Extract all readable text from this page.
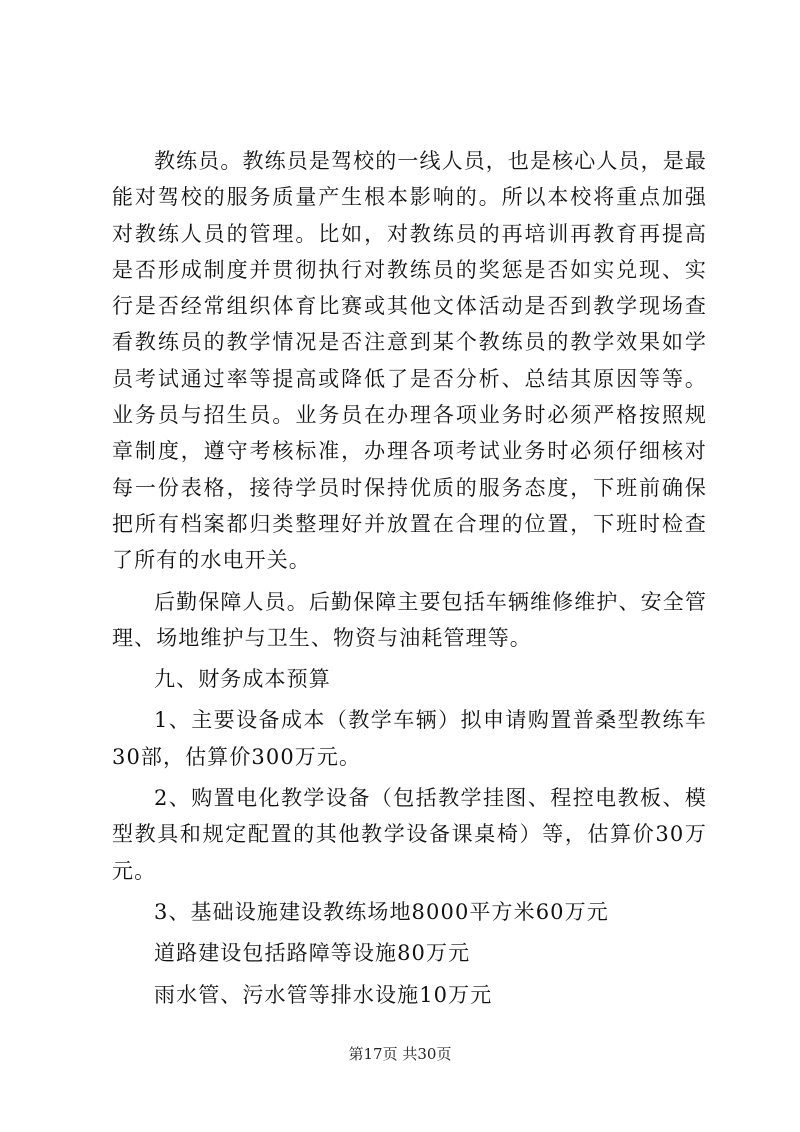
教练员。教练员是驾校的一线人员，也是核心人员，是最能对驾校的服务质量产生根本影响的。所以本校将重点加强对教练人员的管理。比如，对教练员的再培训再教育再提高是否形成制度并贯彻执行对教练员的奖惩是否如实兑现、实行是否经常组织体育比赛或其他文体活动是否到教学现场查看教练员的教学情况是否注意到某个教练员的教学效果如学员考试通过率等提高或降低了是否分析、总结其原因等等。业务员与招生员。业务员在办理各项业务时必须严格按照规章制度，遵守考核标准，办理各项考试业务时必须仔细核对每一份表格，接待学员时保持优质的服务态度，下班前确保把所有档案都归类整理好并放置在合理的位置，下班时检查了所有的水电开关。

后勤保障人员。后勤保障主要包括车辆维修维护、安全管理、场地维护与卫生、物资与油耗管理等。

九、财务成本预算

1、主要设备成本（教学车辆）拟申请购置普桑型教练车30部，估算价300万元。

2、购置电化教学设备（包括教学挂图、程控电教板、模型教具和规定配置的其他教学设备课桌椅）等，估算价30万元。

3、基础设施建设教练场地8000平方米60万元

道路建设包括路障等设施80万元

雨水管、污水管等排水设施10万元

第17页 共30页
